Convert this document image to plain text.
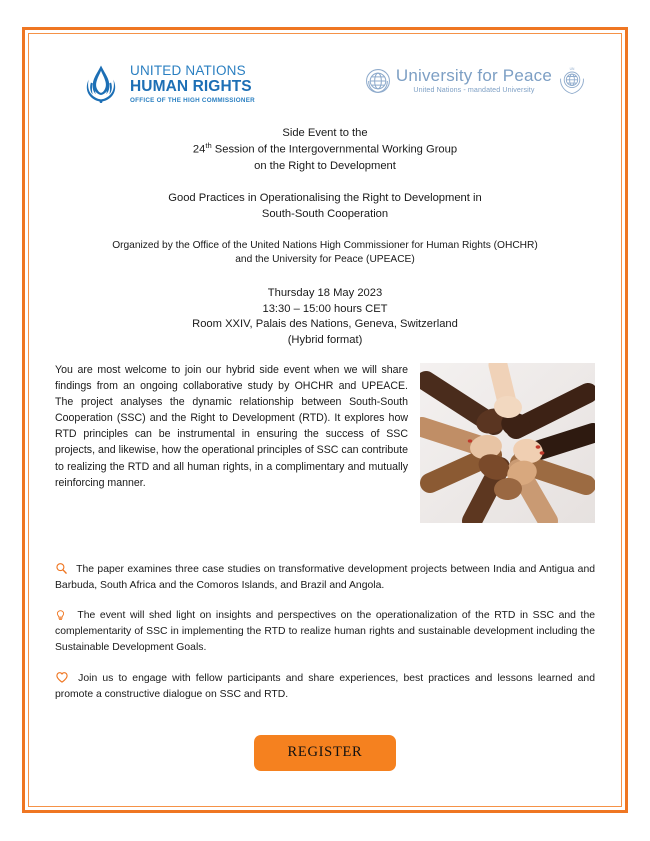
UNITED NATIONS
HUMAN RIGHTS
OFFICE OF THE HIGH COMMISSIONER
University for Peace
United Nations - mandated University
UN
Side Event to the
24th Session of the Intergovernmental Working Group
on the Right to Development
Good Practices in Operationalising the Right to Development in
South-South Cooperation
Organized by the Office of the United Nations High Commissioner for Human Rights (OHCHR)
and the University for Peace (UPEACE)
Thursday 18 May 2023
13:30 – 15:00 hours CET
Room XXIV, Palais des Nations, Geneva, Switzerland
(Hybrid format)

You are most welcome to join our hybrid side event when we will share findings from an ongoing collaborative study by OHCHR and UPEACE. The project analyses the dynamic relationship between South-South Cooperation (SSC) and the Right to Development (RTD). It explores how RTD principles can be instrumental in ensuring the success of SSC projects, and likewise, how the operational principles of SSC can contribute to realizing the RTD and all human rights, in a complimentary and mutually reinforcing manner.

The paper examines three case studies on transformative development projects between India and Antigua and Barbuda, South Africa and the Comoros Islands, and Brazil and Angola.

The event will shed light on insights and perspectives on the operationalization of the RTD in SSC and the complementarity of SSC in implementing the RTD to realize human rights and sustainable development including the Sustainable Development Goals.

Join us to engage with fellow participants and share experiences, best practices and lessons learned and promote a constructive dialogue on SSC and RTD.

REGISTER
